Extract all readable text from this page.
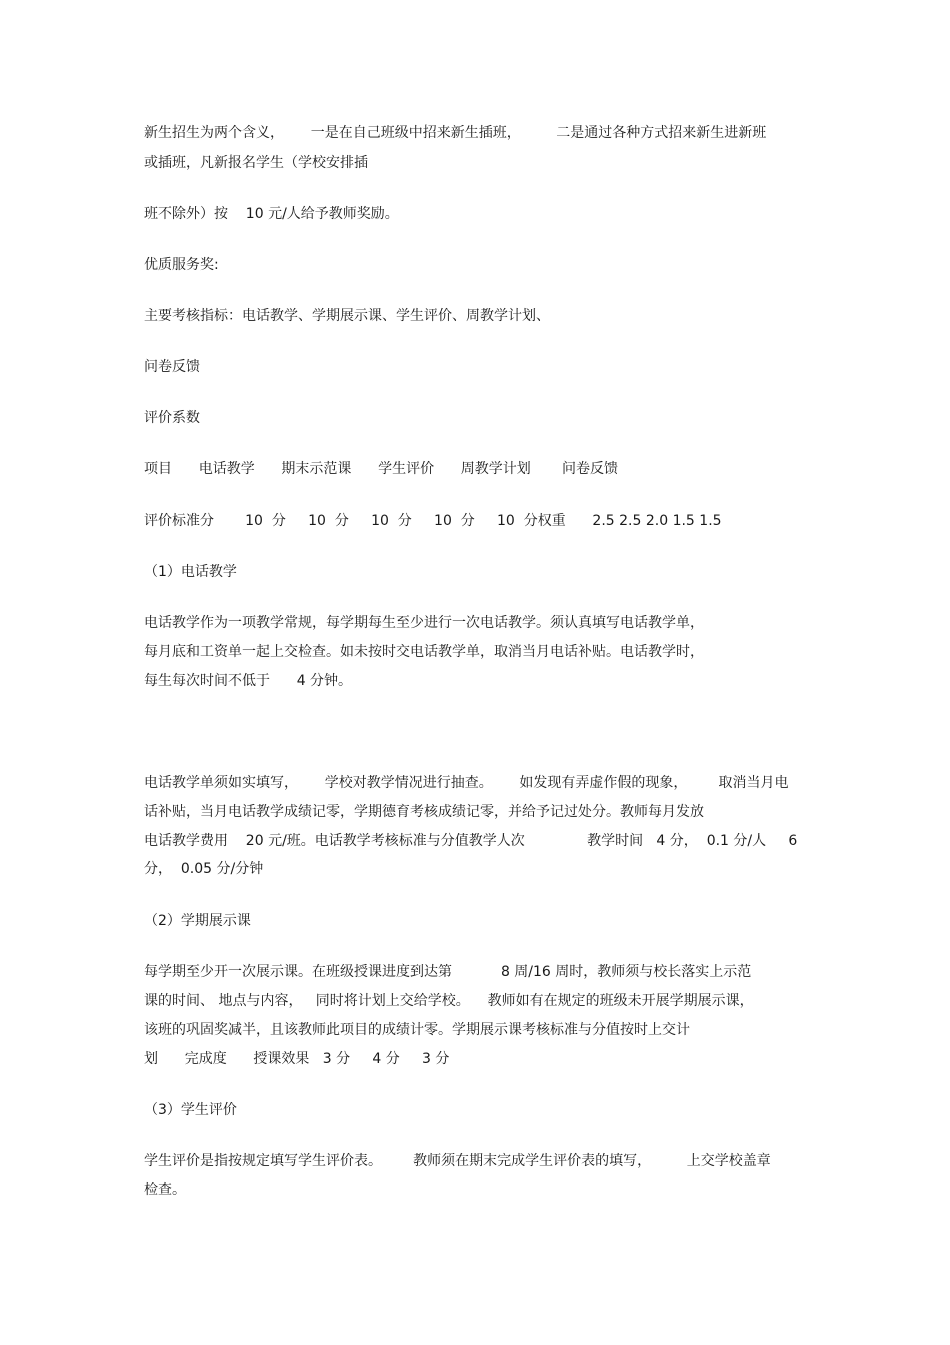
新生招生为两个含义，      一是在自己班级中招来新生插班，        二是通过各种方式招来新生进新班

或插班，凡新报名学生（学校安排插

班不除外）按    10 元/人给予教师奖励。

优质服务奖:

主要考核指标：电话教学、学期展示课、学生评价、周教学计划、

问卷反馈

评价系数

项目      电话教学      期末示范课      学生评价      周教学计划       问卷反馈

评价标准分       10  分     10  分     10  分     10  分     10  分权重      2.5 2.5 2.0 1.5 1.5

（1）电话教学

电话教学作为一项教学常规，每学期每生至少进行一次电话教学。须认真填写电话教学单，

每月底和工资单一起上交检查。如未按时交电话教学单，取消当月电话补贴。电话教学时，

每生每次时间不低于      4 分钟。

电话教学单须如实填写，      学校对教学情况进行抽查。      如发现有弄虚作假的现象，       取消当月电

话补贴，当月电话教学成绩记零，学期德育考核成绩记零，并给予记过处分。教师每月发放

电话教学费用    20 元/班。电话教学考核标准与分值教学人次              教学时间   4 分，  0.1 分/人     6

分，  0.05 分/分钟

（2）学期展示课

每学期至少开一次展示课。在班级授课进度到达第           8 周/16 周时，教师须与校长落实上示范

课的时间、 地点与内容，   同时将计划上交给学校。    教师如有在规定的班级未开展学期展示课，

该班的巩固奖减半，且该教师此项目的成绩计零。学期展示课考核标准与分值按时上交计

划      完成度      授课效果   3 分     4 分     3 分

（3）学生评价

学生评价是指按规定填写学生评价表。       教师须在期末完成学生评价表的填写，        上交学校盖章

检查。
